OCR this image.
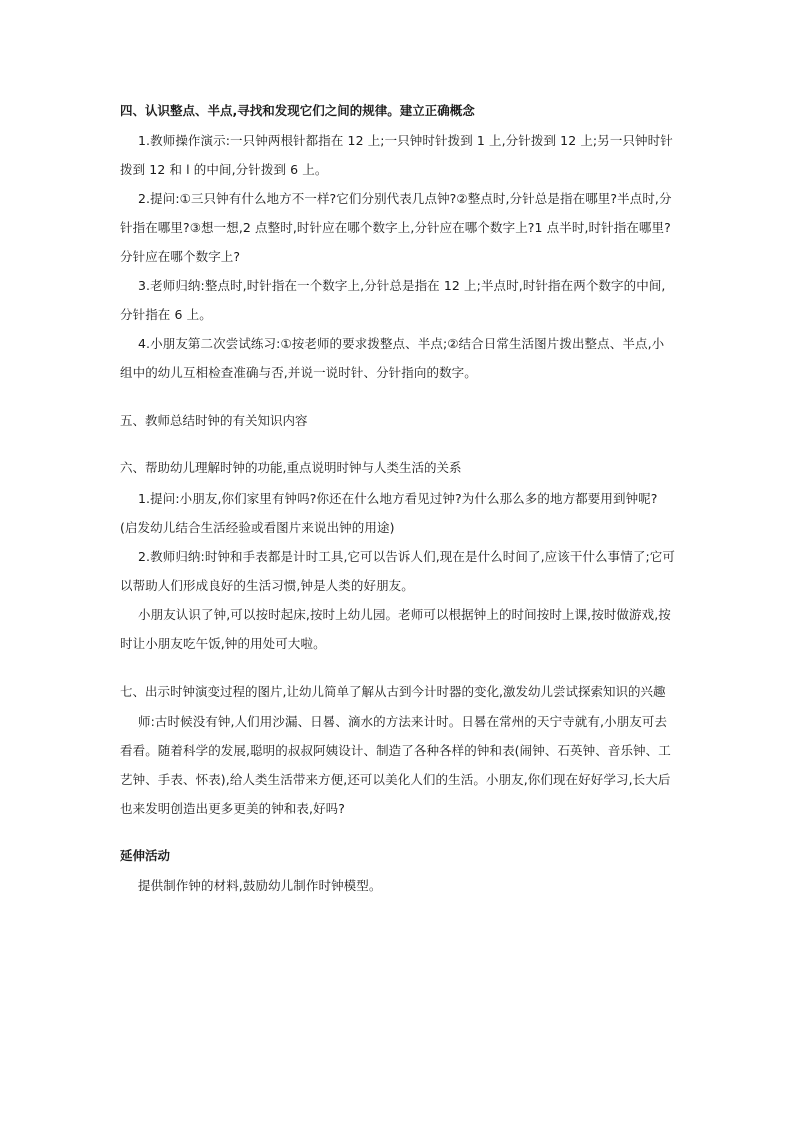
四、认识整点、半点,寻找和发现它们之间的规律。建立正确概念
1.教师操作演示:一只钟两根针都指在 12 上;一只钟时针拨到 1 上,分针拨到 12 上;另一只钟时针拨到 12 和 l 的中间,分针拨到 6 上。
2.提问:①三只钟有什么地方不一样?它们分别代表几点钟?②整点时,分针总是指在哪里?半点时,分针指在哪里?③想一想,2 点整时,时针应在哪个数字上,分针应在哪个数字上?1 点半时,时针指在哪里?分针应在哪个数字上?
3.老师归纳:整点时,时针指在一个数字上,分针总是指在 12 上;半点时,时针指在两个数字的中间,分针指在 6 上。
4.小朋友第二次尝试练习:①按老师的要求拨整点、半点;②结合日常生活图片拨出整点、半点,小组中的幼儿互相检查准确与否,并说一说时针、分针指向的数字。
五、教师总结时钟的有关知识内容
六、帮助幼儿理解时钟的功能,重点说明时钟与人类生活的关系
1.提问:小朋友,你们家里有钟吗?你还在什么地方看见过钟?为什么那么多的地方都要用到钟呢?(启发幼儿结合生活经验或看图片来说出钟的用途)
2.教师归纳:时钟和手表都是计时工具,它可以告诉人们,现在是什么时间了,应该干什么事情了;它可以帮助人们形成良好的生活习惯,钟是人类的好朋友。
小朋友认识了钟,可以按时起床,按时上幼儿园。老师可以根据钟上的时间按时上课,按时做游戏,按时让小朋友吃午饭,钟的用处可大啦。
七、出示时钟演变过程的图片,让幼儿简单了解从古到今计时器的变化,激发幼儿尝试探索知识的兴趣
师:古时候没有钟,人们用沙漏、日晷、滴水的方法来计时。日晷在常州的天宁寺就有,小朋友可去看看。随着科学的发展,聪明的叔叔阿姨设计、制造了各种各样的钟和表(闹钟、石英钟、音乐钟、工艺钟、手表、怀表),给人类生活带来方便,还可以美化人们的生活。小朋友,你们现在好好学习,长大后也来发明创造出更多更美的钟和表,好吗?
延伸活动
提供制作钟的材料,鼓励幼儿制作时钟模型。
